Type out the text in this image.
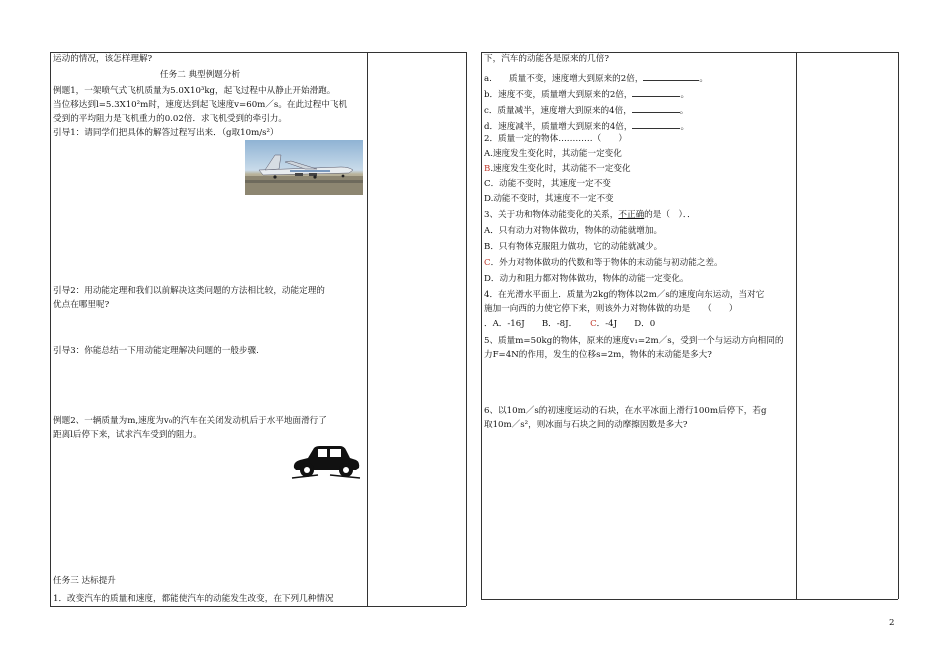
运动的情况，该怎样理解?
任务二 典型例题分析
例题1，一架喷气式飞机质量为5.0X10³kg，起飞过程中从静止开始滑跑。
当位移达到l=5.3X10²m时，速度达到起飞速度v=60m／s。在此过程中飞机
受到的平均阻力是飞机重力的0.02倍．求飞机受到的牵引力。
引导1：请同学们把具体的解答过程写出来．（g取10m/s²）
引导2：用动能定理和我们以前解决这类问题的方法相比较，动能定理的
优点在哪里呢?
引导3：你能总结一下用动能定理解决问题的一般步骤.
例题2、一辆质量为m,速度为v₀的汽车在关闭发动机后于水平地面滑行了
距离l后停下来，试求汽车受到的阻力。
任务三 达标提升
1．改变汽车的质量和速度，都能使汽车的动能发生改变，在下列几种情况
下，汽车的动能各是原来的几倍?
a.　　质量不变，速度增大到原来的2倍，	。
b．速度不变，质量增大到原来的2倍，	。
c．质量减半，速度增大到原来的4倍，	。
d．速度减半，质量增大到原来的4倍，	。
2．质量一定的物体…………（　　）
A.速度发生变化时，其动能一定变化
B.速度发生变化时，其动能不一定变化
C．动能不变时，其速度一定不变
D.动能不变时，其速度不一定不变
3、关于功和物体动能变化的关系，不正确的是（　）．．
A．只有动力对物体做功，物体的动能就增加。
B．只有物体克服阻力做功，它的动能就减少。
C．外力对物体做功的代数和等于物体的末动能与初动能之差。
D．动力和阻力都对物体做功，物体的动能一定变化。
4．在光滑水平面上．质量为2kg的物体以2m／s的速度向东运动，当对它
施加一向西的力使它停下来，则该外力对物体做的功是　　（　　）
．A．-16J　　B．-8J．　　C．-4J　　D．0
5、质量m=50kg的物体，原来的速度v₁=2m／s，受到一个与运动方向相同的
力F=4N的作用，发生的位移s=2m，物体的末动能是多大?
6、以10m／s的初速度运动的石块，在水平冰面上滑行100m后停下，若g
取10m／s²，则冰面与石块之间的动摩擦因数是多大?
2
